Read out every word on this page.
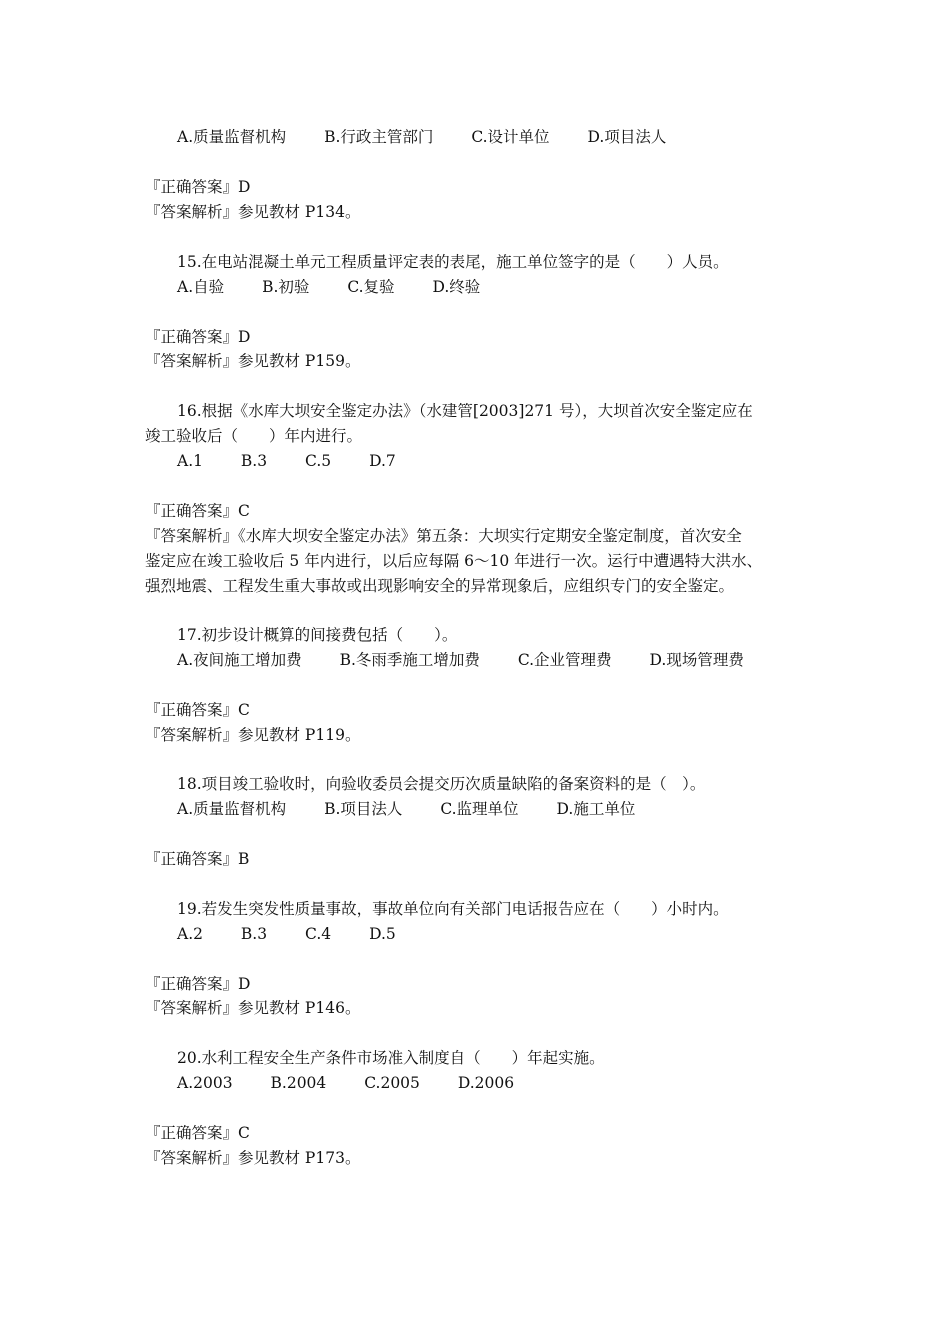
A.质量监督机构 B.行政主管部门 C.设计单位 D.项目法人
『正确答案』D
『答案解析』参见教材 P134。
15.在电站混凝土单元工程质量评定表的表尾，施工单位签字的是（　　）人员。
A.自验 B.初验 C.复验 D.终验
『正确答案』D
『答案解析』参见教材 P159。
16.根据《水库大坝安全鉴定办法》（水建管[2003]271 号），大坝首次安全鉴定应在
竣工验收后（　　）年内进行。
A.1 B.3 C.5 D.7
『正确答案』C
『答案解析』《水库大坝安全鉴定办法》第五条：大坝实行定期安全鉴定制度，首次安全
鉴定应在竣工验收后 5 年内进行，以后应每隔 6～10 年进行一次。运行中遭遇特大洪水、
强烈地震、工程发生重大事故或出现影响安全的异常现象后，应组织专门的安全鉴定。
17.初步设计概算的间接费包括（　　）。
A.夜间施工增加费 B.冬雨季施工增加费 C.企业管理费 D.现场管理费
『正确答案』C
『答案解析』参见教材 P119。
18.项目竣工验收时，向验收委员会提交历次质量缺陷的备案资料的是（　）。
A.质量监督机构 B.项目法人 C.监理单位 D.施工单位
『正确答案』B
19.若发生突发性质量事故，事故单位向有关部门电话报告应在（　　）小时内。
A.2 B.3 C.4 D.5
『正确答案』D
『答案解析』参见教材 P146。
20.水利工程安全生产条件市场准入制度自（　　）年起实施。
A.2003 B.2004 C.2005 D.2006
『正确答案』C
『答案解析』参见教材 P173。
